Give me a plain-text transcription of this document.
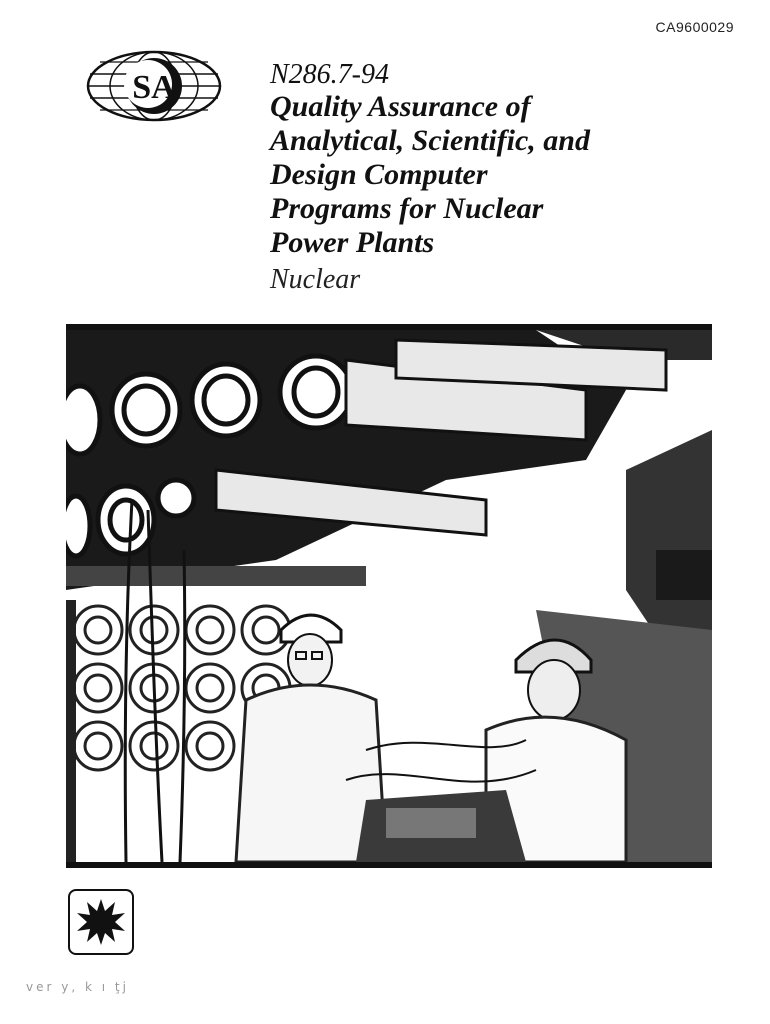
CA9600029
SA	N286.7-94
Quality Assurance of
Analytical, Scientific, and
Design Computer
Programs for Nuclear
Power Plants
Nuclear
ver y, k ı ţj
